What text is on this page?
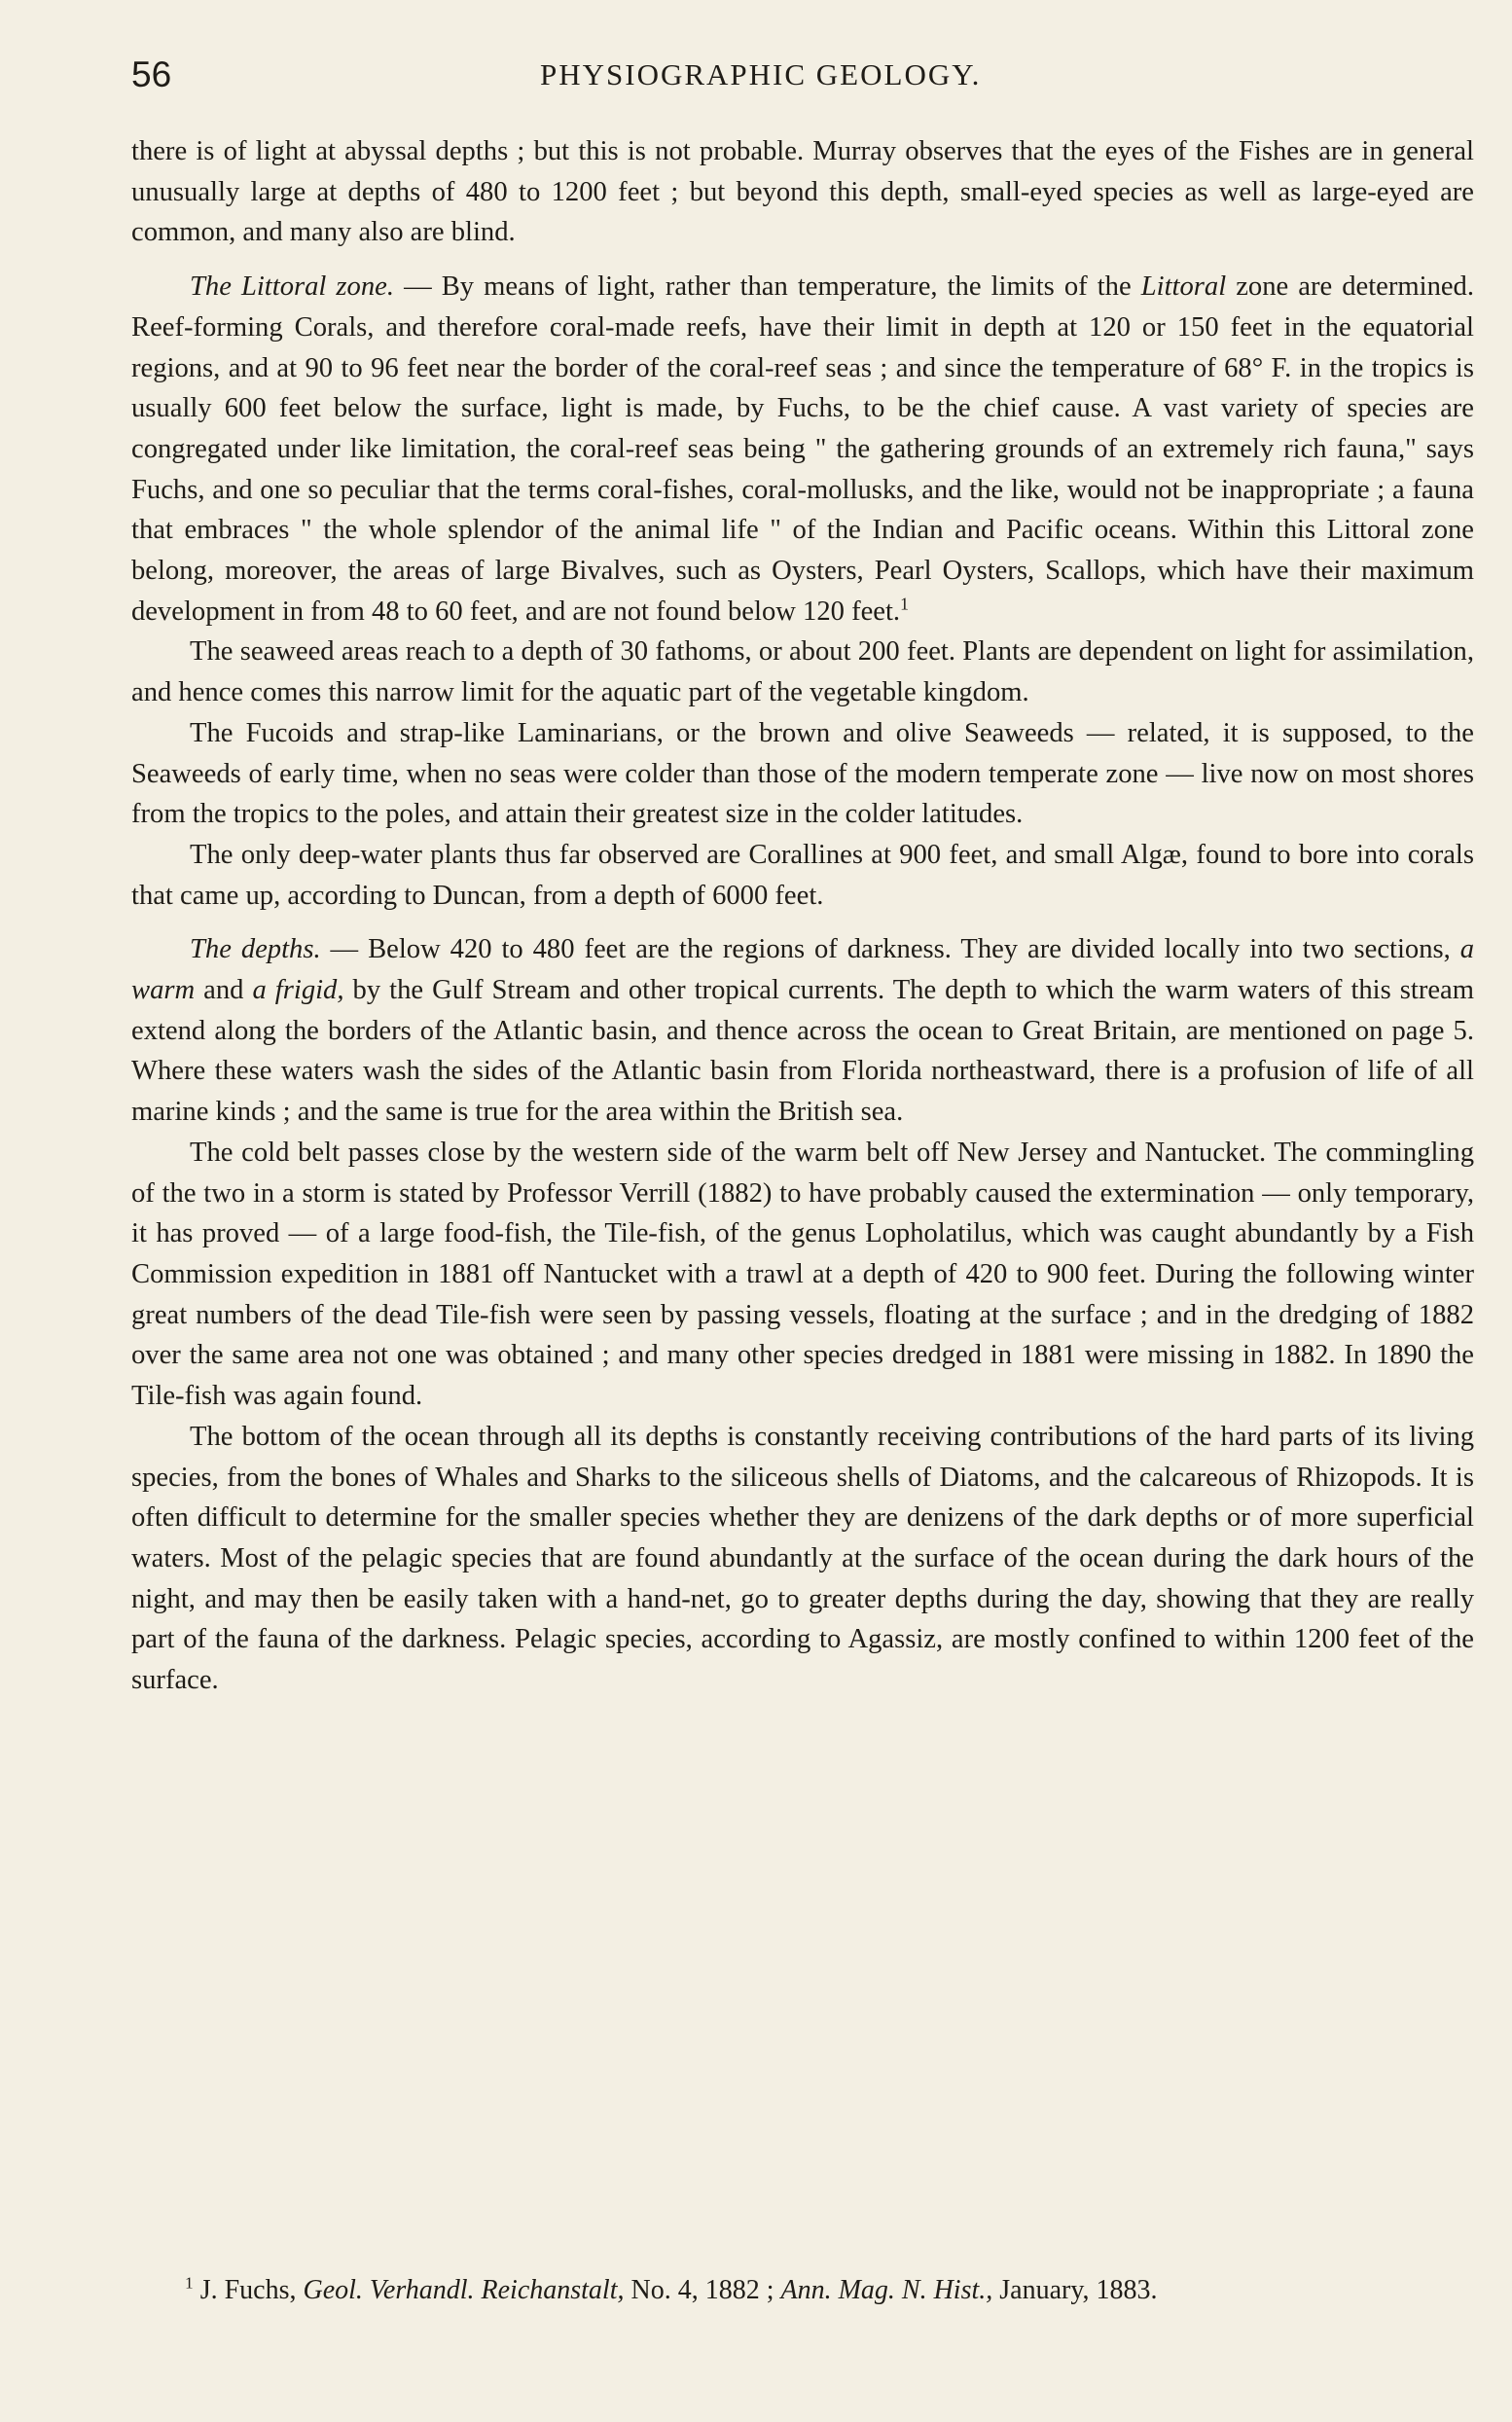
56	PHYSIOGRAPHIC GEOLOGY.

there is of light at abyssal depths ; but this is not probable. Murray observes that the eyes of the Fishes are in general unusually large at depths of 480 to 1200 feet ; but beyond this depth, small-eyed species as well as large-eyed are common, and many also are blind.

The Littoral zone. — By means of light, rather than temperature, the limits of the Littoral zone are determined. Reef-forming Corals, and therefore coral-made reefs, have their limit in depth at 120 or 150 feet in the equatorial regions, and at 90 to 96 feet near the border of the coral-reef seas ; and since the temperature of 68° F. in the tropics is usually 600 feet below the surface, light is made, by Fuchs, to be the chief cause. A vast variety of species are congregated under like limitation, the coral-reef seas being " the gathering grounds of an extremely rich fauna," says Fuchs, and one so peculiar that the terms coral-fishes, coral-mollusks, and the like, would not be inappropriate ; a fauna that embraces " the whole splendor of the animal life " of the Indian and Pacific oceans. Within this Littoral zone belong, moreover, the areas of large Bivalves, such as Oysters, Pearl Oysters, Scallops, which have their maximum development in from 48 to 60 feet, and are not found below 120 feet.$^1$

The seaweed areas reach to a depth of 30 fathoms, or about 200 feet. Plants are dependent on light for assimilation, and hence comes this narrow limit for the aquatic part of the vegetable kingdom.

The Fucoids and strap-like Laminarians, or the brown and olive Seaweeds — related, it is supposed, to the Seaweeds of early time, when no seas were colder than those of the modern temperate zone — live now on most shores from the tropics to the poles, and attain their greatest size in the colder latitudes.

The only deep-water plants thus far observed are Corallines at 900 feet, and small Algæ, found to bore into corals that came up, according to Duncan, from a depth of 6000 feet.

The depths. — Below 420 to 480 feet are the regions of darkness. They are divided locally into two sections, a warm and a frigid, by the Gulf Stream and other tropical currents. The depth to which the warm waters of this stream extend along the borders of the Atlantic basin, and thence across the ocean to Great Britain, are mentioned on page 5. Where these waters wash the sides of the Atlantic basin from Florida northeastward, there is a profusion of life of all marine kinds ; and the same is true for the area within the British sea.

The cold belt passes close by the western side of the warm belt off New Jersey and Nantucket. The commingling of the two in a storm is stated by Professor Verrill (1882) to have probably caused the extermination — only temporary, it has proved — of a large food-fish, the Tile-fish, of the genus Lopholatilus, which was caught abundantly by a Fish Commission expedition in 1881 off Nantucket with a trawl at a depth of 420 to 900 feet. During the following winter great numbers of the dead Tile-fish were seen by passing vessels, floating at the surface ; and in the dredging of 1882 over the same area not one was obtained ; and many other species dredged in 1881 were missing in 1882. In 1890 the Tile-fish was again found.

The bottom of the ocean through all its depths is constantly receiving contributions of the hard parts of its living species, from the bones of Whales and Sharks to the siliceous shells of Diatoms, and the calcareous of Rhizopods. It is often difficult to determine for the smaller species whether they are denizens of the dark depths or of more superficial waters. Most of the pelagic species that are found abundantly at the surface of the ocean during the dark hours of the night, and may then be easily taken with a hand-net, go to greater depths during the day, showing that they are really part of the fauna of the darkness. Pelagic species, according to Agassiz, are mostly confined to within 1200 feet of the surface.

$^1$ J. Fuchs, Geol. Verhandl. Reichanstalt, No. 4, 1882 ; Ann. Mag. N. Hist., January, 1883.
